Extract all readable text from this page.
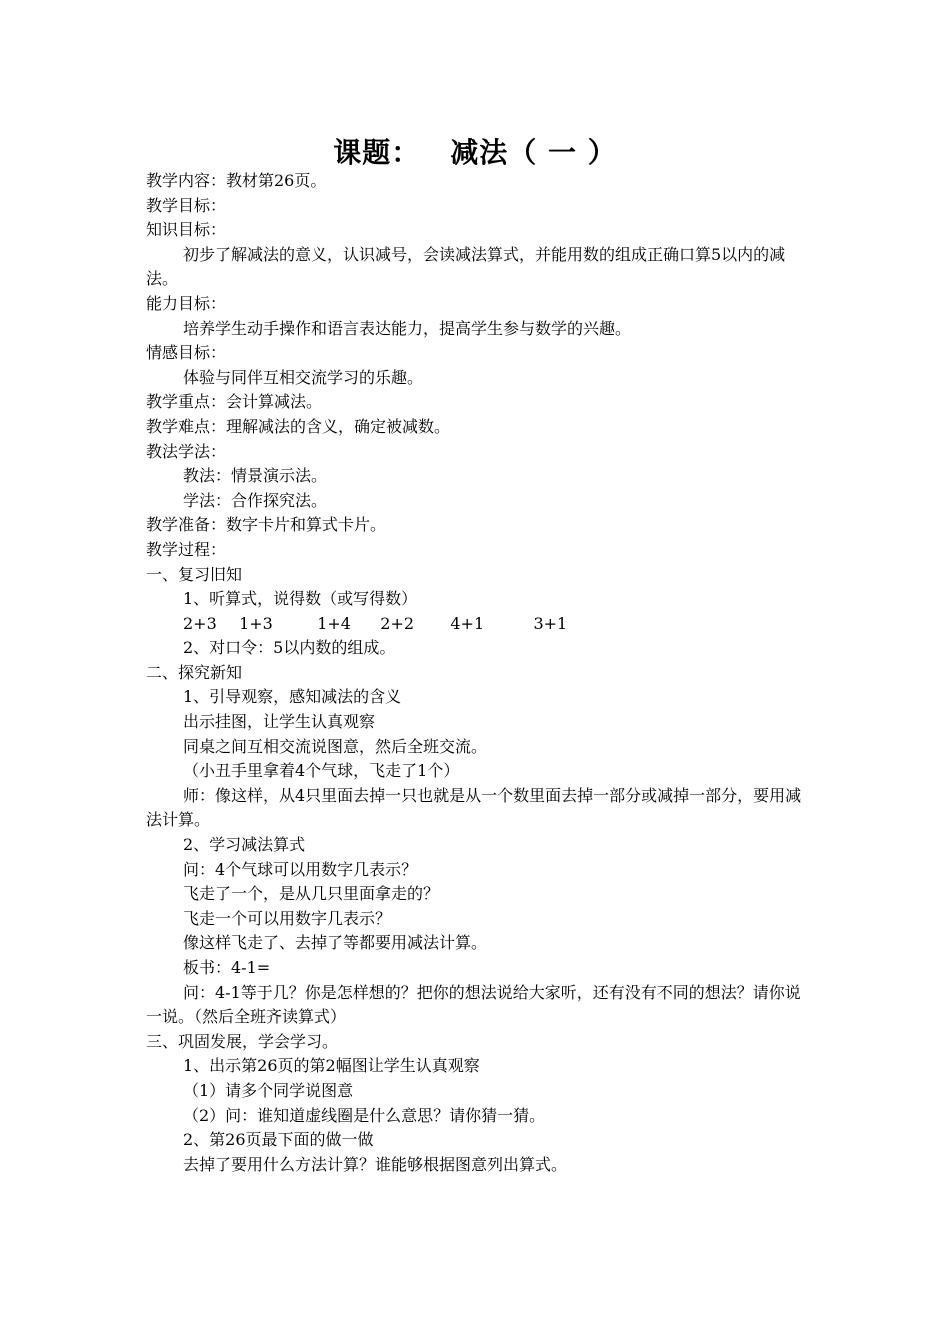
课题： 减法（ 一 ）
教学内容：教材第26页。
教学目标：
知识目标：
初步了解减法的意义，认识减号，会读减法算式，并能用数的组成正确口算5以内的减法。
能力目标：
培养学生动手操作和语言表达能力，提高学生参与数学的兴趣。
情感目标：
体验与同伴互相交流学习的乐趣。
教学重点：会计算减法。
教学难点：理解减法的含义，确定被减数。
教法学法：
教法：情景演示法。
学法：合作探究法。
教学准备：数字卡片和算式卡片。
教学过程：
一、复习旧知
1、听算式，说得数（或写得数）
2+3 1+3	1+4 2+2 4+1	3+1
2、对口令：5以内数的组成。
二、探究新知
1、引导观察，感知减法的含义
出示挂图，让学生认真观察
同桌之间互相交流说图意，然后全班交流。
（小丑手里拿着4个气球，飞走了1个）
师：像这样，从4只里面去掉一只也就是从一个数里面去掉一部分或减掉一部分，要用减法计算。
2、学习减法算式
问：4个气球可以用数字几表示？
飞走了一个，是从几只里面拿走的？
飞走一个可以用数字几表示？
像这样飞走了、去掉了等都要用减法计算。
板书：4-1=
问：4-1等于几？你是怎样想的？把你的想法说给大家听，还有没有不同的想法？请你说一说。（然后全班齐读算式）
三、巩固发展，学会学习。
1、出示第26页的第2幅图让学生认真观察
（1）请多个同学说图意
（2）问：谁知道虚线圈是什么意思？请你猜一猜。
2、第26页最下面的做一做
去掉了要用什么方法计算？谁能够根据图意列出算式。
